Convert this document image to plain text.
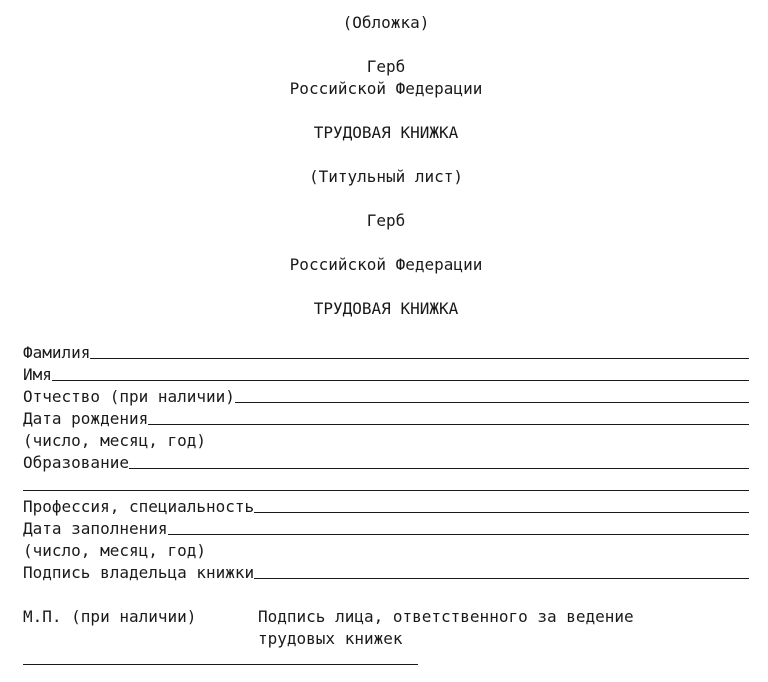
(Обложка)
Герб
Российской Федерации
ТРУДОВАЯ КНИЖКА
(Титульный лист)
Герб
Российской Федерации
ТРУДОВАЯ КНИЖКА
Фамилия
Имя
Отчество (при наличии)
Дата рождения
(число, месяц, год)
Образование
Профессия, специальность
Дата заполнения
(число, месяц, год)
Подпись владельца книжки
М.П. (при наличии)	Подпись лица, ответственного за ведение трудовых книжек
